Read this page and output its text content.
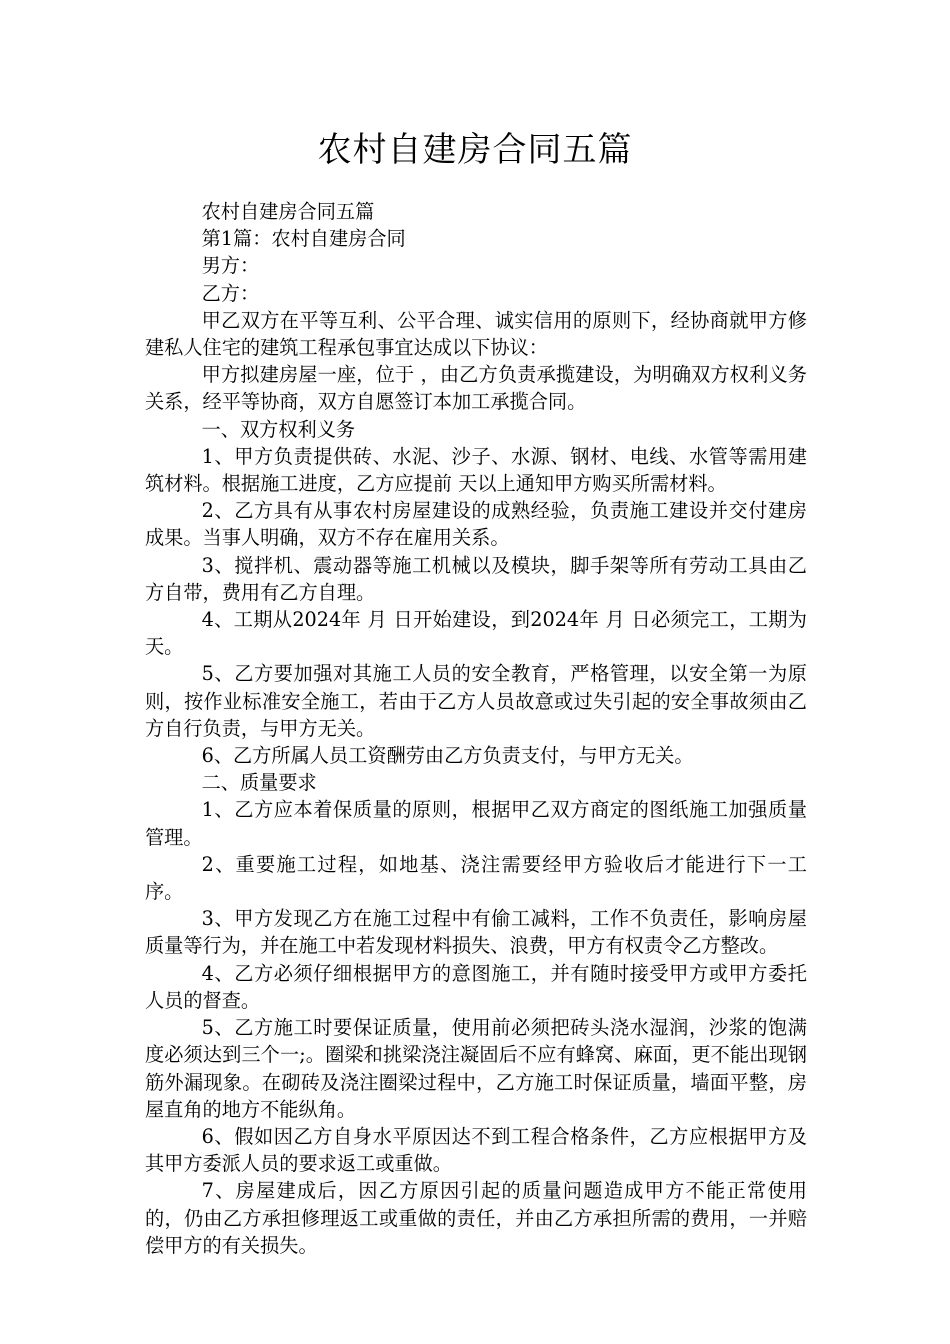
农村自建房合同五篇

农村自建房合同五篇

第1篇：农村自建房合同

男方：

乙方：

甲乙双方在平等互利、公平合理、诚实信用的原则下，经协商就甲方修建私人住宅的建筑工程承包事宜达成以下协议：

甲方拟建房屋一座，位于 ，由乙方负责承揽建设，为明确双方权利义务关系，经平等协商，双方自愿签订本加工承揽合同。

一、双方权利义务

1、甲方负责提供砖、水泥、沙子、水源、钢材、电线、水管等需用建筑材料。根据施工进度，乙方应提前 天以上通知甲方购买所需材料。

2、乙方具有从事农村房屋建设的成熟经验，负责施工建设并交付建房成果。当事人明确，双方不存在雇用关系。

3、搅拌机、震动器等施工机械以及模块，脚手架等所有劳动工具由乙方自带，费用有乙方自理。

4、工期从2024年 月 日开始建设，到2024年 月 日必须完工，工期为 天。

5、乙方要加强对其施工人员的安全教育，严格管理，以安全第一为原则，按作业标准安全施工，若由于乙方人员故意或过失引起的安全事故须由乙方自行负责，与甲方无关。

6、乙方所属人员工资酬劳由乙方负责支付，与甲方无关。

二、质量要求

1、乙方应本着保质量的原则，根据甲乙双方商定的图纸施工加强质量管理。

2、重要施工过程，如地基、浇注需要经甲方验收后才能进行下一工序。

3、甲方发现乙方在施工过程中有偷工减料，工作不负责任，影响房屋质量等行为，并在施工中若发现材料损失、浪费，甲方有权责令乙方整改。

4、乙方必须仔细根据甲方的意图施工，并有随时接受甲方或甲方委托人员的督查。

5、乙方施工时要保证质量，使用前必须把砖头浇水湿润，沙浆的饱满度必须达到三个一;。圈梁和挑梁浇注凝固后不应有蜂窝、麻面，更不能出现钢筋外漏现象。在砌砖及浇注圈梁过程中，乙方施工时保证质量，墙面平整，房屋直角的地方不能纵角。

6、假如因乙方自身水平原因达不到工程合格条件，乙方应根据甲方及其甲方委派人员的要求返工或重做。

7、房屋建成后，因乙方原因引起的质量问题造成甲方不能正常使用的，仍由乙方承担修理返工或重做的责任，并由乙方承担所需的费用，一并赔偿甲方的有关损失。
